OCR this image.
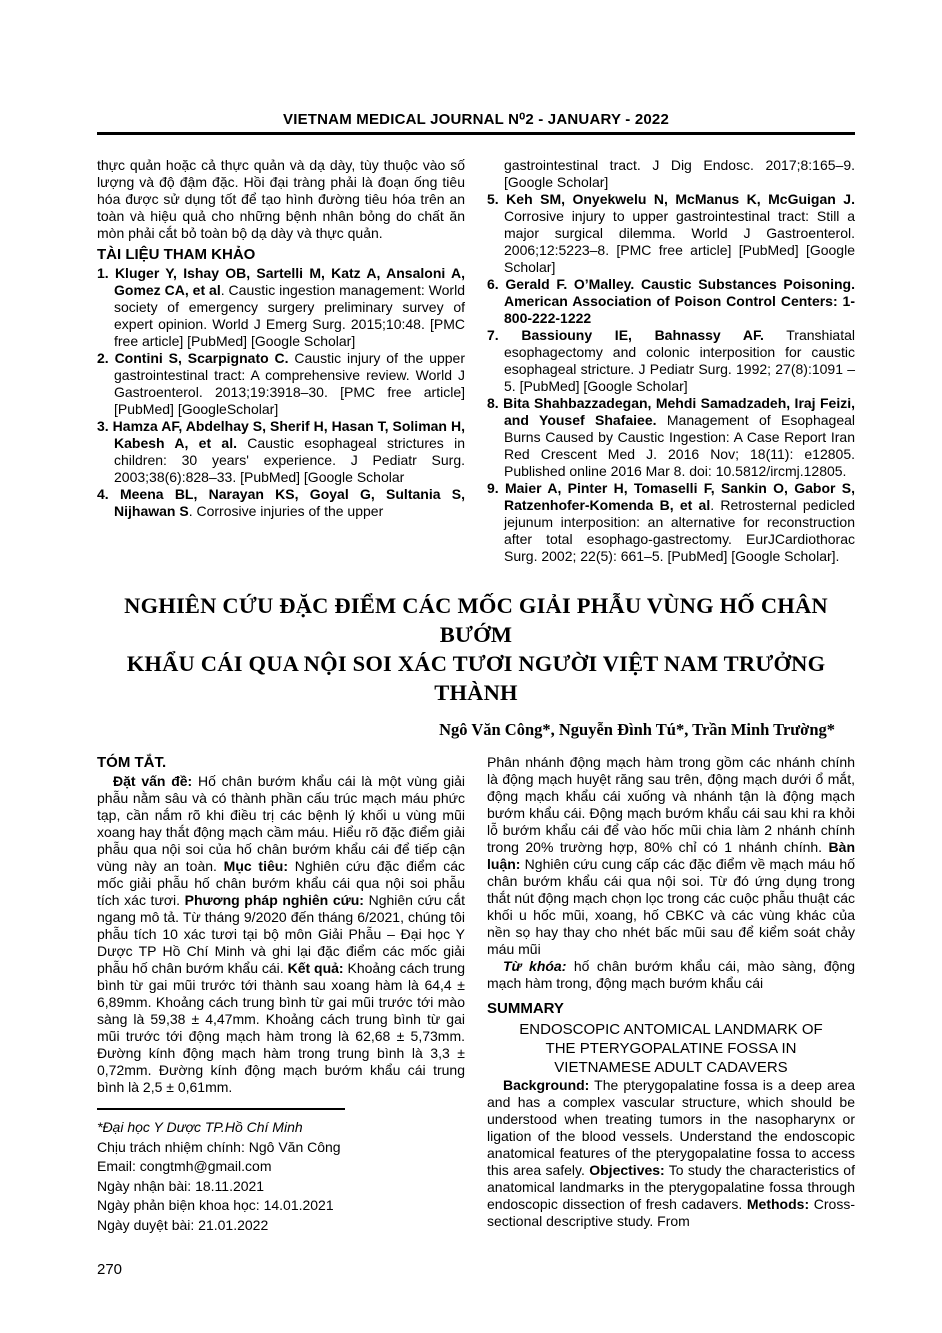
VIETNAM MEDICAL JOURNAL N⁰2 - JANUARY - 2022

thực quản hoặc cả thực quản và dạ dày, tùy thuộc vào số lượng và độ đậm đặc. Hồi đại tràng phải là đoạn ống tiêu hóa được sử dụng tốt để tạo hình đường tiêu hóa trên an toàn và hiệu quả cho những bệnh nhân bỏng do chất ăn mòn phải cắt bỏ toàn bộ dạ dày và thực quản.

TÀI LIỆU THAM KHẢO
1. Kluger Y, Ishay OB, Sartelli M, Katz A, Ansaloni A, Gomez CA, et al. Caustic ingestion management: World society of emergency surgery preliminary survey of expert opinion. World J Emerg Surg. 2015;10:48. [PMC free article] [PubMed] [Google Scholar]
2. Contini S, Scarpignato C. Caustic injury of the upper gastrointestinal tract: A comprehensive review. World J Gastroenterol. 2013;19:3918–30. [PMC free article] [PubMed] [GoogleScholar]
3. Hamza AF, Abdelhay S, Sherif H, Hasan T, Soliman H, Kabesh A, et al. Caustic esophageal strictures in children: 30 years' experience. J Pediatr Surg. 2003;38(6):828–33. [PubMed] [Google Scholar
4. Meena BL, Narayan KS, Goyal G, Sultania S, Nijhawan S. Corrosive injuries of the upper
gastrointestinal tract. J Dig Endosc. 2017;8:165–9. [Google Scholar]
5. Keh SM, Onyekwelu N, McManus K, McGuigan J. Corrosive injury to upper gastrointestinal tract: Still a major surgical dilemma. World J Gastroenterol. 2006;12:5223–8. [PMC free article] [PubMed] [Google Scholar]
6. Gerald F. O’Malley. Caustic Substances Poisoning. American Association of Poison Control Centers: 1-800-222-1222
7. Bassiouny IE, Bahnassy AF. Transhiatal esophagectomy and colonic interposition for caustic esophageal stricture. J Pediatr Surg. 1992; 27(8):1091 – 5. [PubMed] [Google Scholar]
8. Bita Shahbazzadegan, Mehdi Samadzadeh, Iraj Feizi, and Yousef Shafaiee. Management of Esophageal Burns Caused by Caustic Ingestion: A Case Report Iran Red Crescent Med J. 2016 Nov; 18(11): e12805. Published online 2016 Mar 8. doi: 10.5812/ircmj.12805.
9. Maier A, Pinter H, Tomaselli F, Sankin O, Gabor S, Ratzenhofer-Komenda B, et al. Retrosternal pedicled jejunum interposition: an alternative for reconstruction after total esophago-gastrectomy. EurJCardiothorac Surg. 2002; 22(5): 661–5. [PubMed] [Google Scholar].
NGHIÊN CỨU ĐẶC ĐIỂM CÁC MỐC GIẢI PHẪU VÙNG HỐ CHÂN BƯỚM
KHẨU CÁI QUA NỘI SOI XÁC TƯƠI NGƯỜI VIỆT NAM TRƯỞNG THÀNH
Ngô Văn Công*, Nguyễn Đình Tú*, Trần Minh Trường*
TÓM TẮT.

Đặt vấn đề: Hố chân bướm khẩu cái là một vùng giải phẫu nằm sâu và có thành phần cấu trúc mạch máu phức tạp, cần nắm rõ khi điều trị các bệnh lý khối u vùng mũi xoang hay thắt động mạch cầm máu. Hiểu rõ đặc điểm giải phẫu qua nội soi của hố chân bướm khẩu cái để tiếp cận vùng này an toàn. Mục tiêu: Nghiên cứu đặc điểm các mốc giải phẫu hố chân bướm khẩu cái qua nội soi phẫu tích xác tươi. Phương pháp nghiên cứu: Nghiên cứu cắt ngang mô tả. Từ tháng 9/2020 đến tháng 6/2021, chúng tôi phẫu tích 10 xác tươi tại bộ môn Giải Phẫu – Đại học Y Dược TP Hồ Chí Minh và ghi lại đặc điểm các mốc giải phẫu hố chân bướm khẩu cái. Kết quả: Khoảng cách trung bình từ gai mũi trước tới thành sau xoang hàm là 64,4 ± 6,89mm. Khoảng cách trung bình từ gai mũi trước tới mào sàng là 59,38 ± 4,47mm. Khoảng cách trung bình từ gai mũi trước tới động mạch hàm trong là 62,68 ± 5,73mm. Đường kính động mạch hàm trong trung bình là 3,3 ± 0,72mm. Đường kính động mạch bướm khẩu cái trung bình là 2,5 ± 0,61mm.

*Đại học Y Dược TP.Hồ Chí Minh
Chịu trách nhiệm chính: Ngô Văn Công
Email: congtmh@gmail.com
Ngày nhận bài: 18.11.2021
Ngày phản biện khoa học: 14.01.2021
Ngày duyệt bài: 21.01.2022

Phân nhánh động mạch hàm trong gồm các nhánh chính là động mạch huyệt răng sau trên, động mạch dưới ổ mắt, động mạch khẩu cái xuống và nhánh tận là động mạch bướm khẩu cái. Động mạch bướm khẩu cái sau khi ra khỏi lỗ bướm khẩu cái để vào hốc mũi chia làm 2 nhánh chính trong 20% trường hợp, 80% chỉ có 1 nhánh chính. Bàn luận: Nghiên cứu cung cấp các đặc điểm về mạch máu hố chân bướm khẩu cái qua nội soi. Từ đó ứng dụng trong thắt nút động mạch chọn lọc trong các cuộc phẫu thuật các khối u hốc mũi, xoang, hố CBKC và các vùng khác của nền sọ hay thay cho nhét bấc mũi sau để kiểm soát chảy máu mũi

Từ khóa: hố chân bướm khẩu cái, mào sàng, động mạch hàm trong, động mạch bướm khẩu cái

SUMMARY
ENDOSCOPIC ANTOMICAL LANDMARK OF
THE PTERYGOPALATINE FOSSA IN
VIETNAMESE ADULT CADAVERS

Background: The pterygopalatine fossa is a deep area and has a complex vascular structure, which should be understood when treating tumors in the nasopharynx or ligation of the blood vessels. Understand the endoscopic anatomical features of the pterygopalatine fossa to access this area safely. Objectives: To study the characteristics of anatomical landmarks in the pterygopalatine fossa through endoscopic dissection of fresh cadavers. Methods: Cross-sectional descriptive study. From

270
